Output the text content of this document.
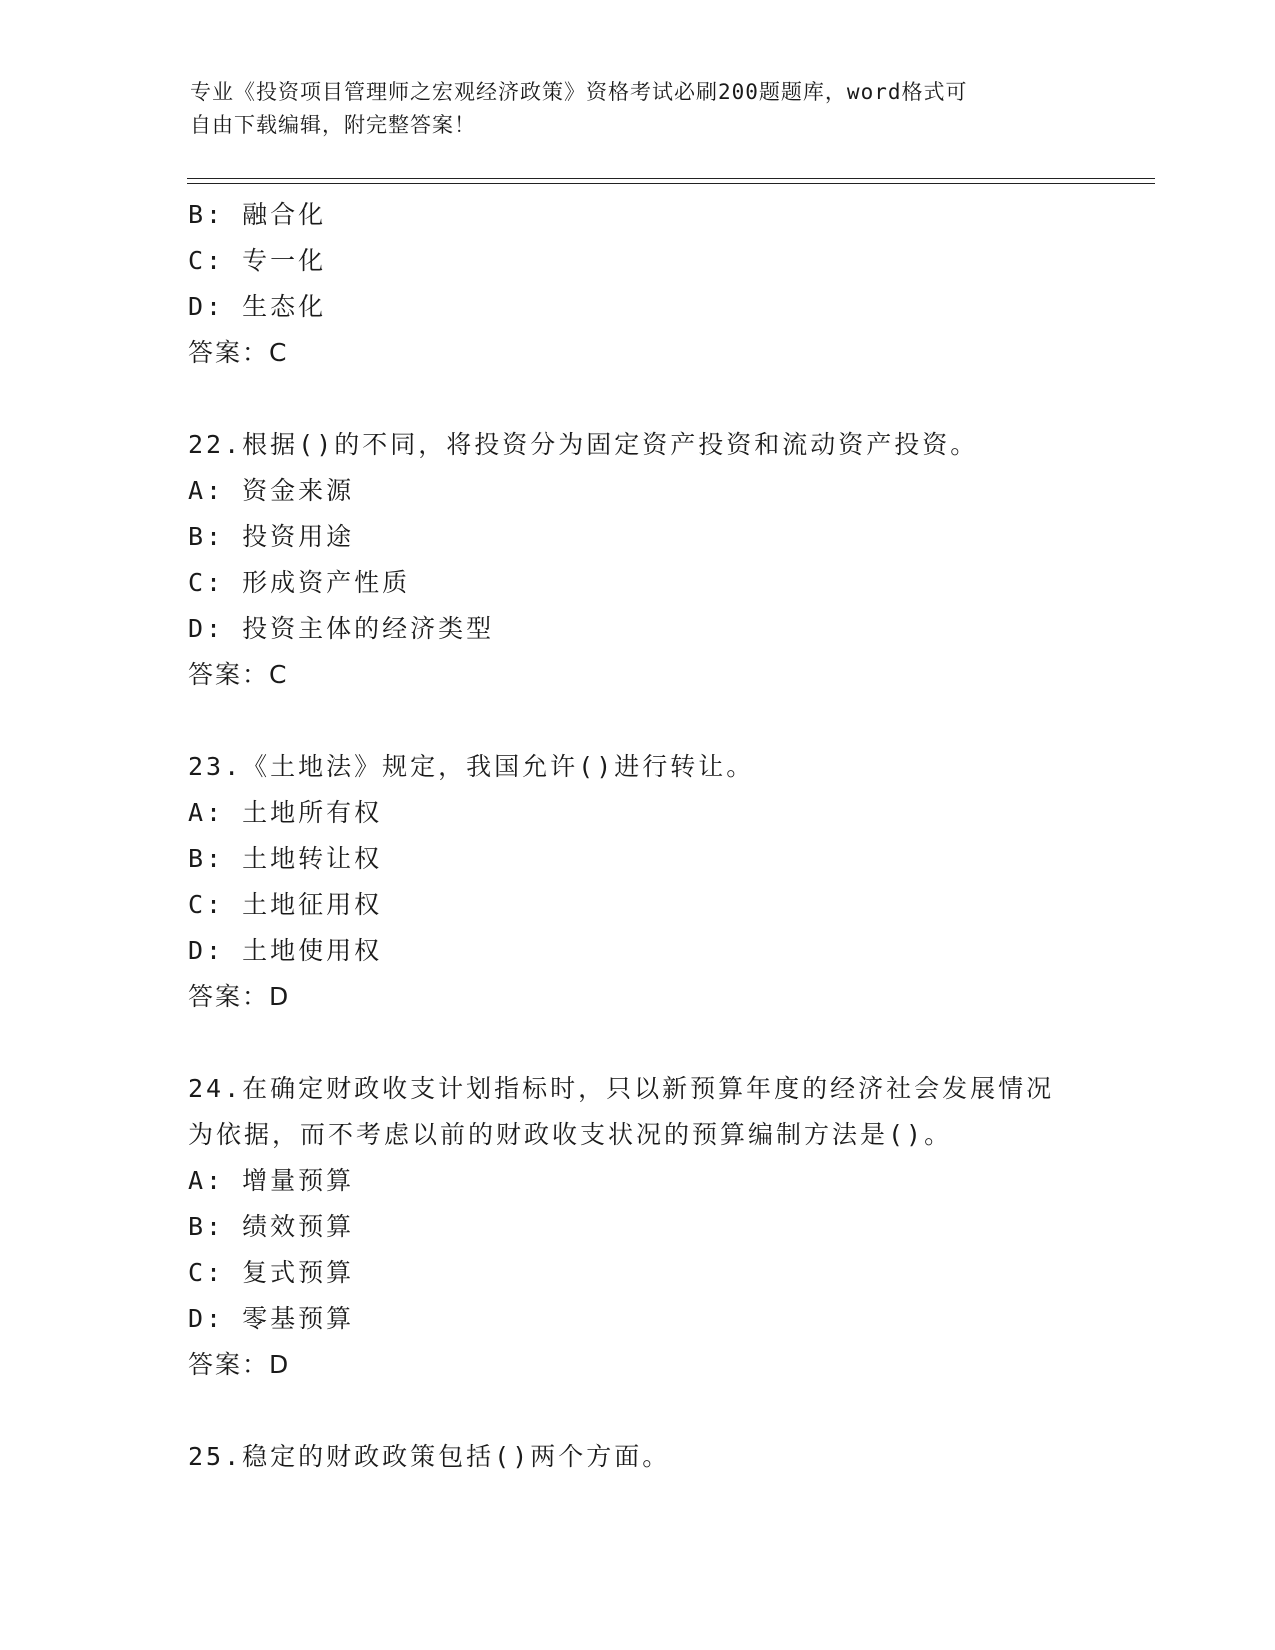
专业《投资项目管理师之宏观经济政策》资格考试必刷200题题库，word格式可
自由下载编辑，附完整答案！
B: 融合化
C: 专一化
D: 生态化
答案：C
22.根据()的不同，将投资分为固定资产投资和流动资产投资。
A: 资金来源
B: 投资用途
C: 形成资产性质
D: 投资主体的经济类型
答案：C
23.《土地法》规定，我国允许()进行转让。
A: 土地所有权
B: 土地转让权
C: 土地征用权
D: 土地使用权
答案：D
24.在确定财政收支计划指标时，只以新预算年度的经济社会发展情况
为依据，而不考虑以前的财政收支状况的预算编制方法是()。
A: 增量预算
B: 绩效预算
C: 复式预算
D: 零基预算
答案：D
25.稳定的财政政策包括()两个方面。
